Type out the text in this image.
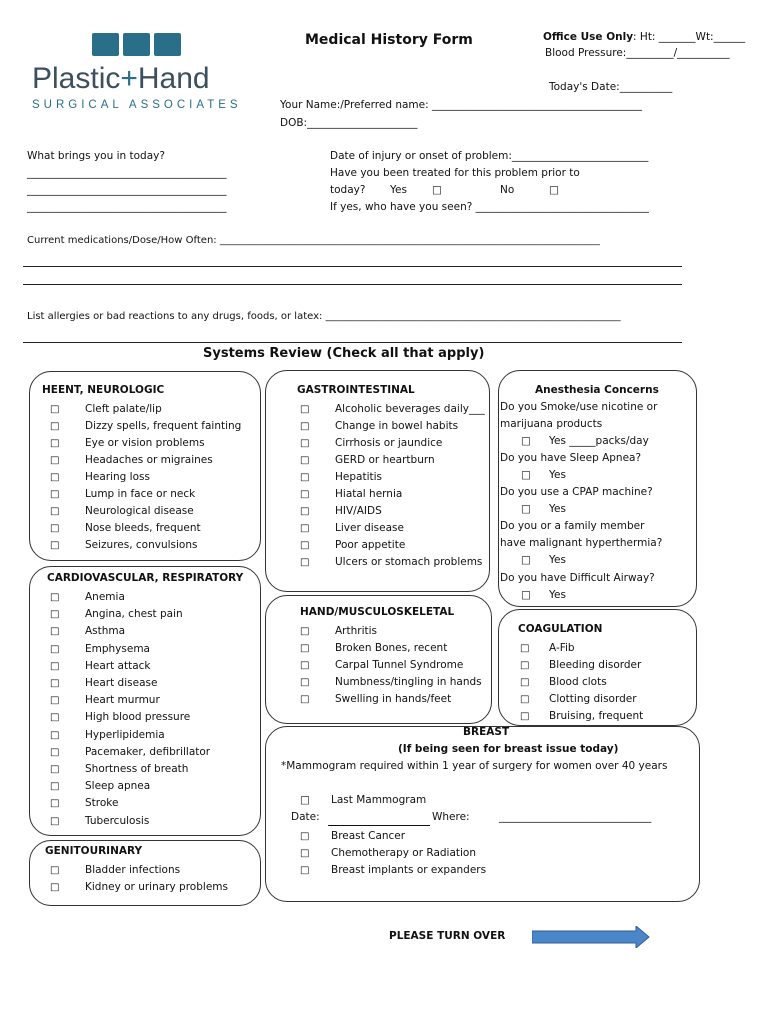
Plastic+Hand
SURGICAL ASSOCIATES
Medical History Form	Office Use Only: Ht: _______Wt:______
Blood Pressure:_________/__________
Today's Date:__________
Your Name:/Preferred name: ________________________________________
DOB:_____________________
What brings you in today?
______________________________________
______________________________________
______________________________________
Date of injury or onset of problem:__________________________
Have you been treated for this problem prior to
today? Yes □	No	□
If yes, who have you seen? _________________________________
Current medications/Dose/How Often: ____________________________________________________________________________
List allergies or bad reactions to any drugs, foods, or latex: ___________________________________________________________
Systems Review (Check all that apply)
HEENT, NEUROLOGIC
□ Cleft palate/lip
□ Dizzy spells, frequent fainting
□ Eye or vision problems
□ Headaches or migraines
□ Hearing loss
□ Lump in face or neck
□ Neurological disease
□ Nose bleeds, frequent
□ Seizures, convulsions
CARDIOVASCULAR, RESPIRATORY
□ Anemia
□ Angina, chest pain
□ Asthma
□ Emphysema
□ Heart attack
□ Heart disease
□ Heart murmur
□ High blood pressure
□ Hyperlipidemia
□ Pacemaker, defibrillator
□ Shortness of breath
□ Sleep apnea
□ Stroke
□ Tuberculosis
GENITOURINARY
□ Bladder infections
□ Kidney or urinary problems
GASTROINTESTINAL
□ Alcoholic beverages daily___
□ Change in bowel habits
□ Cirrhosis or jaundice
□ GERD or heartburn
□ Hepatitis
□ Hiatal hernia
□ HIV/AIDS
□ Liver disease
□ Poor appetite
□ Ulcers or stomach problems
HAND/MUSCULOSKELETAL
□ Arthritis
□ Broken Bones, recent
□ Carpal Tunnel Syndrome
□ Numbness/tingling in hands
□ Swelling in hands/feet
Anesthesia Concerns
Do you Smoke/use nicotine or
marijuana products
□ Yes _____packs/day
Do you have Sleep Apnea?
□ Yes
Do you use a CPAP machine?
□ Yes
Do you or a family member
have malignant hyperthermia?
□ Yes
Do you have Difficult Airway?
□ Yes
COAGULATION
□ A-Fib
□ Bleeding disorder
□ Blood clots
□ Clotting disorder
□ Bruising, frequent
BREAST
(If being seen for breast issue today)
*Mammogram required within 1 year of surgery for women over 40 years
□ Last Mammogram
Date:	Where:	_____________________________
□ Breast Cancer
□ Chemotherapy or Radiation
□ Breast implants or expanders
PLEASE TURN OVER
